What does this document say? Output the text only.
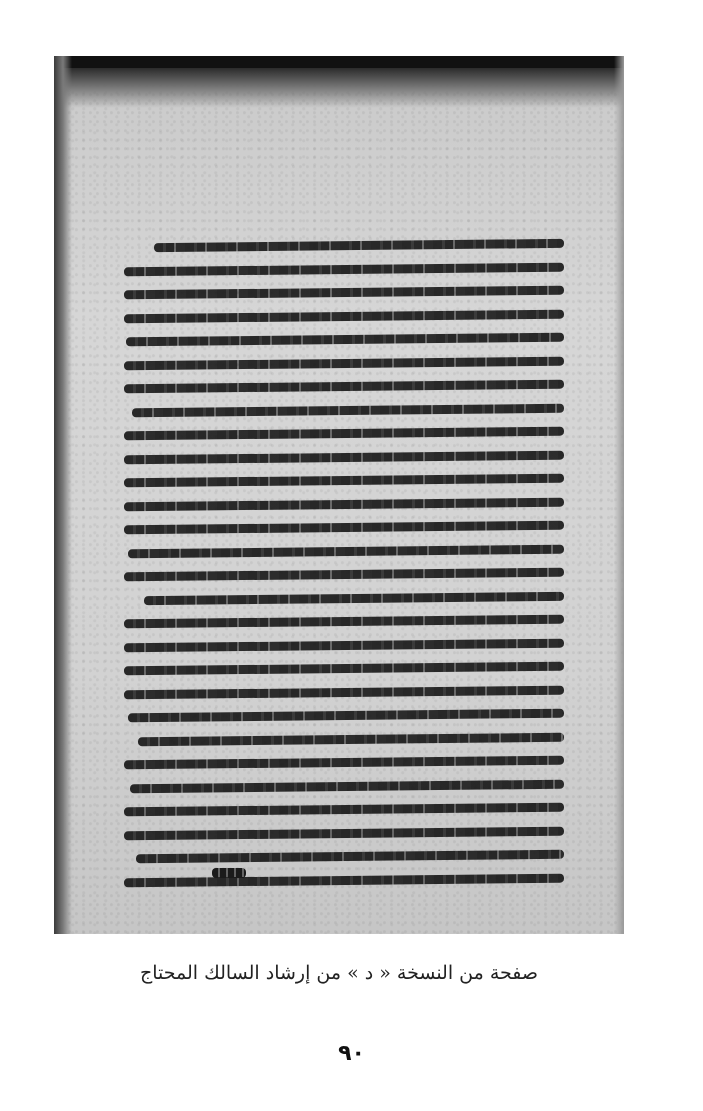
صفحة من النسخة « د » من إرشاد السالك المحتاج
٩٠
